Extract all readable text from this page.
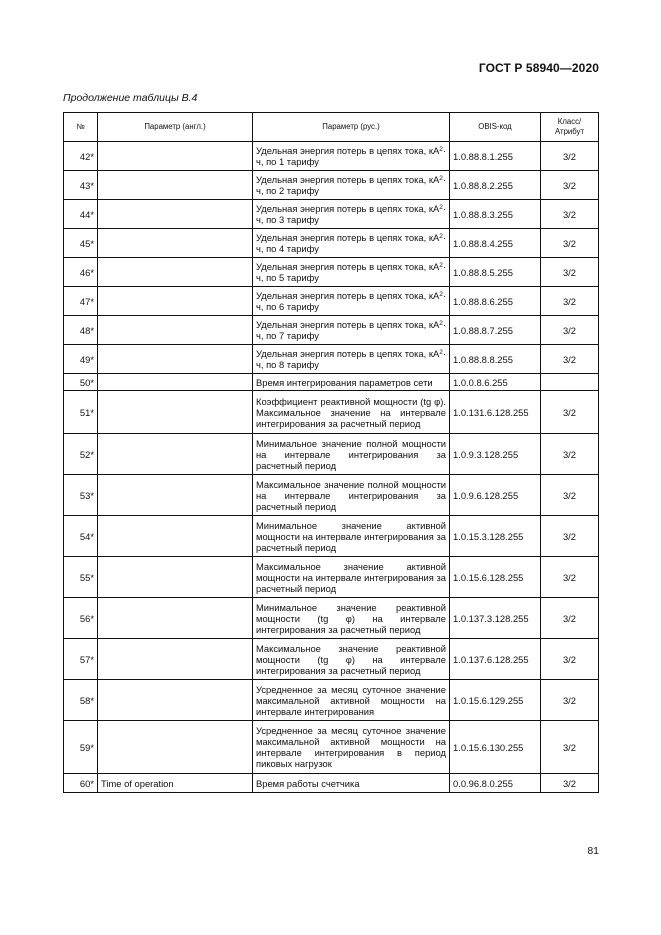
ГОСТ Р 58940—2020
Продолжение таблицы В.4
№	Параметр (англ.)	Параметр (рус.)	OBIS-код	Класс/ Атрибут
42*		Удельная энергия потерь в цепях тока, $кА^2\cdot ч$, по 1 тарифу	1.0.88.8.1.255	3/2
43*		Удельная энергия потерь в цепях тока, $кА^2\cdot ч$, по 2 тарифу	1.0.88.8.2.255	3/2
44*		Удельная энергия потерь в цепях тока, $кА^2\cdot ч$, по 3 тарифу	1.0.88.8.3.255	3/2
45*		Удельная энергия потерь в цепях тока, $кА^2\cdot ч$, по 4 тарифу	1.0.88.8.4.255	3/2
46*		Удельная энергия потерь в цепях тока, $кА^2\cdot ч$, по 5 тарифу	1.0.88.8.5.255	3/2
47*		Удельная энергия потерь в цепях тока, $кА^2\cdot ч$, по 6 тарифу	1.0.88.8.6.255	3/2
48*		Удельная энергия потерь в цепях тока, $кА^2\cdot ч$, по 7 тарифу	1.0.88.8.7.255	3/2
49*		Удельная энергия потерь в цепях тока, $кА^2\cdot ч$, по 8 тарифу	1.0.88.8.8.255	3/2
50*		Время интегрирования параметров сети	1.0.0.8.6.255	
51*		Коэффициент реактивной мощности (tg φ). Максимальное значение на интервале интегрирования за расчетный период	1.0.131.6.128.255	3/2
52*		Минимальное значение полной мощности на интервале интегрирования за расчетный период	1.0.9.3.128.255	3/2
53*		Максимальное значение полной мощности на интервале интегрирования за расчетный период	1.0.9.6.128.255	3/2
54*		Минимальное значение активной мощности на интервале интегрирования за расчетный период	1.0.15.3.128.255	3/2
55*		Максимальное значение активной мощности на интервале интегрирования за расчетный период	1.0.15.6.128.255	3/2
56*		Минимальное значение реактивной мощности (tg φ) на интервале интегрирования за расчетный период	1.0.137.3.128.255	3/2
57*		Максимальное значение реактивной мощности (tg φ) на интервале интегрирования за расчетный период	1.0.137.6.128.255	3/2
58*		Усредненное за месяц суточное значение максимальной активной мощности на интервале интегрирования	1.0.15.6.129.255	3/2
59*		Усредненное за месяц суточное значение максимальной активной мощности на интервале интегрирования в период пиковых нагрузок	1.0.15.6.130.255	3/2
60*	Time of operation	Время работы счетчика	0.0.96.8.0.255	3/2
81
